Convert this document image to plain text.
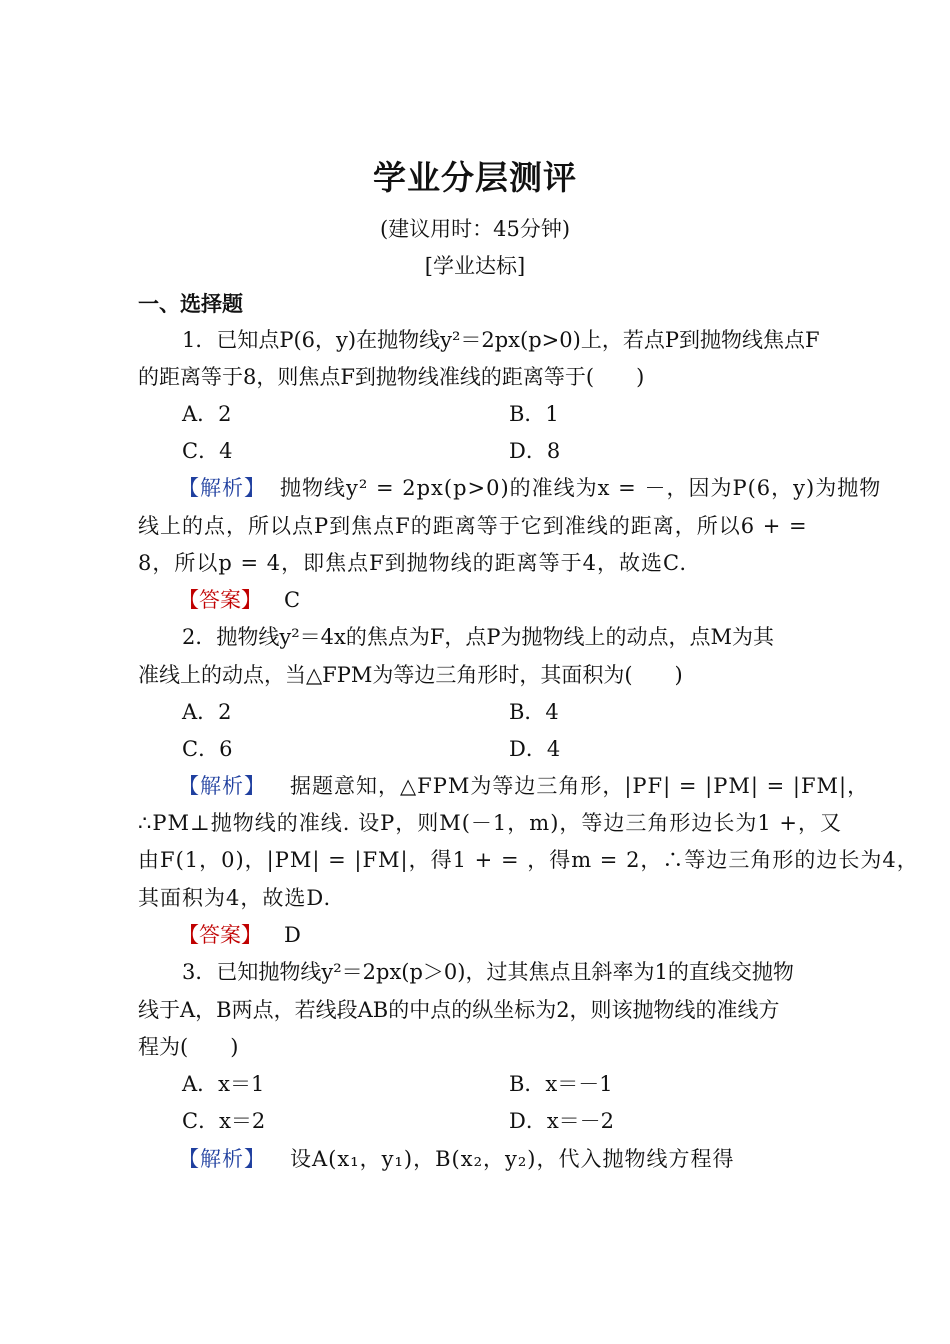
学业分层测评
(建议用时：45分钟)
[学业达标]
一、选择题
1．已知点P(6，y)在抛物线y²＝2px(p>0)上，若点P到抛物线焦点F
的距离等于8，则焦点F到抛物线准线的距离等于(　　)
A．2	B．1
C．4	D．8
【解析】 抛物线y² = 2px(p>0)的准线为x = －，因为P(6，y)为抛物
线上的点，所以点P到焦点F的距离等于它到准线的距离，所以6 + =
8，所以p = 4，即焦点F到抛物线的距离等于4，故选C.
【答案】 C
2．抛物线y²＝4x的焦点为F，点P为抛物线上的动点，点M为其
准线上的动点，当△FPM为等边三角形时，其面积为(　　)
A．2	B．4
C．6	D．4
【解析】 据题意知，△FPM为等边三角形，|PF| = |PM| = |FM|，
∴PM⊥抛物线的准线. 设P，则M(－1，m)，等边三角形边长为1 +，又
由F(1，0)，|PM| = |FM|，得1 + = ，得m = 2，∴等边三角形的边长为4，
其面积为4，故选D.
【答案】 D
3．已知抛物线y²＝2px(p＞0)，过其焦点且斜率为1的直线交抛物
线于A，B两点，若线段AB的中点的纵坐标为2，则该抛物线的准线方
程为(　　)
A．x＝1	B．x＝－1
C．x＝2	D．x＝－2
【解析】 设A(x₁，y₁)，B(x₂，y₂)，代入抛物线方程得
